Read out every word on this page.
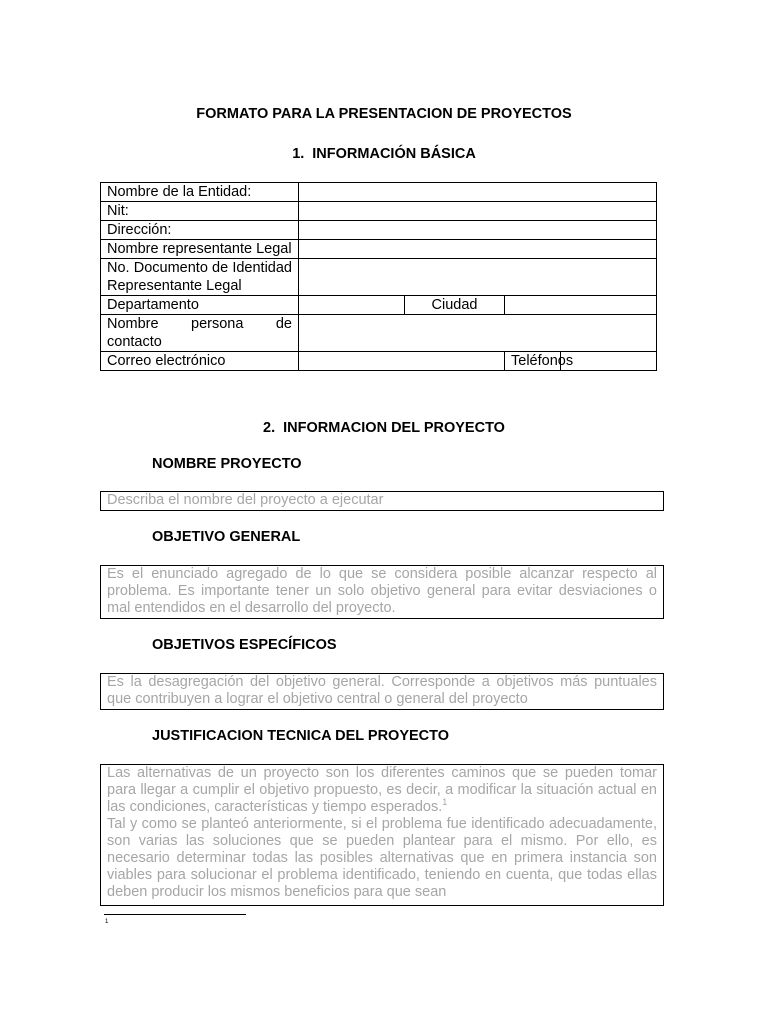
FORMATO PARA LA PRESENTACION DE PROYECTOS
1. INFORMACIÓN BÁSICA
Nombre de la Entidad:				
Nit:				
Dirección:				
Nombre representante Legal				
No. Documento de Identidad Representante Legal				
Departamento		Ciudad		
Nombre persona de contacto				
Correo electrónico			Teléfonos	
2. INFORMACION DEL PROYECTO
NOMBRE PROYECTO

Describa el nombre del proyecto a ejecutar

OBJETIVO GENERAL

Es el enunciado agregado de lo que se considera posible alcanzar respecto al problema. Es importante tener un solo objetivo general para evitar desviaciones o mal entendidos en el desarrollo del proyecto.

OBJETIVOS ESPECÍFICOS

Es la desagregación del objetivo general. Corresponde a objetivos más puntuales que contribuyen a lograr el objetivo central o general del proyecto

JUSTIFICACION TECNICA DEL PROYECTO

Las alternativas de un proyecto son los diferentes caminos que se pueden tomar para llegar a cumplir el objetivo propuesto, es decir, a modificar la situación actual en las condiciones, características y tiempo esperados.$^1$

Tal y como se planteó anteriormente, si el problema fue identificado adecuadamente, son varias las soluciones que se pueden plantear para el mismo. Por ello, es necesario determinar todas las posibles alternativas que en primera instancia son viables para solucionar el problema identificado, teniendo en cuenta, que todas ellas deben producir los mismos beneficios para que sean

1
